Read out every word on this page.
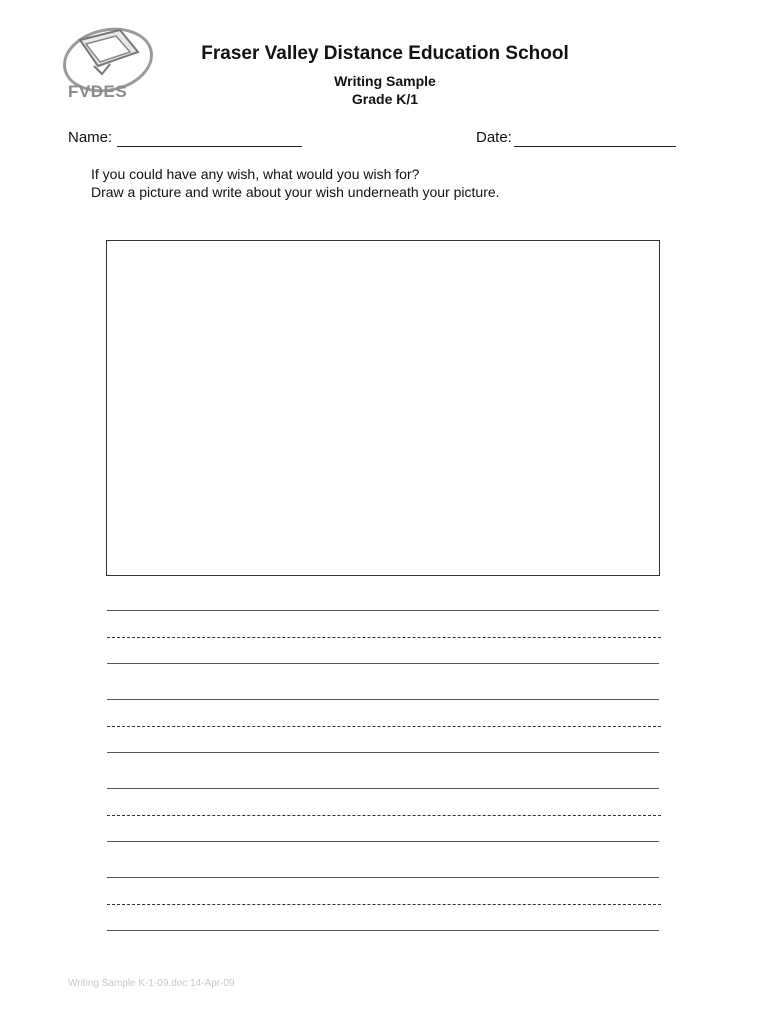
FVDES
Fraser Valley Distance Education School
Writing Sample
Grade K/1
Name:	Date:
If you could have any wish, what would you wish for?
Draw a picture and write about your wish underneath your picture.
Writing Sample K-1-09.doc 14-Apr-09
